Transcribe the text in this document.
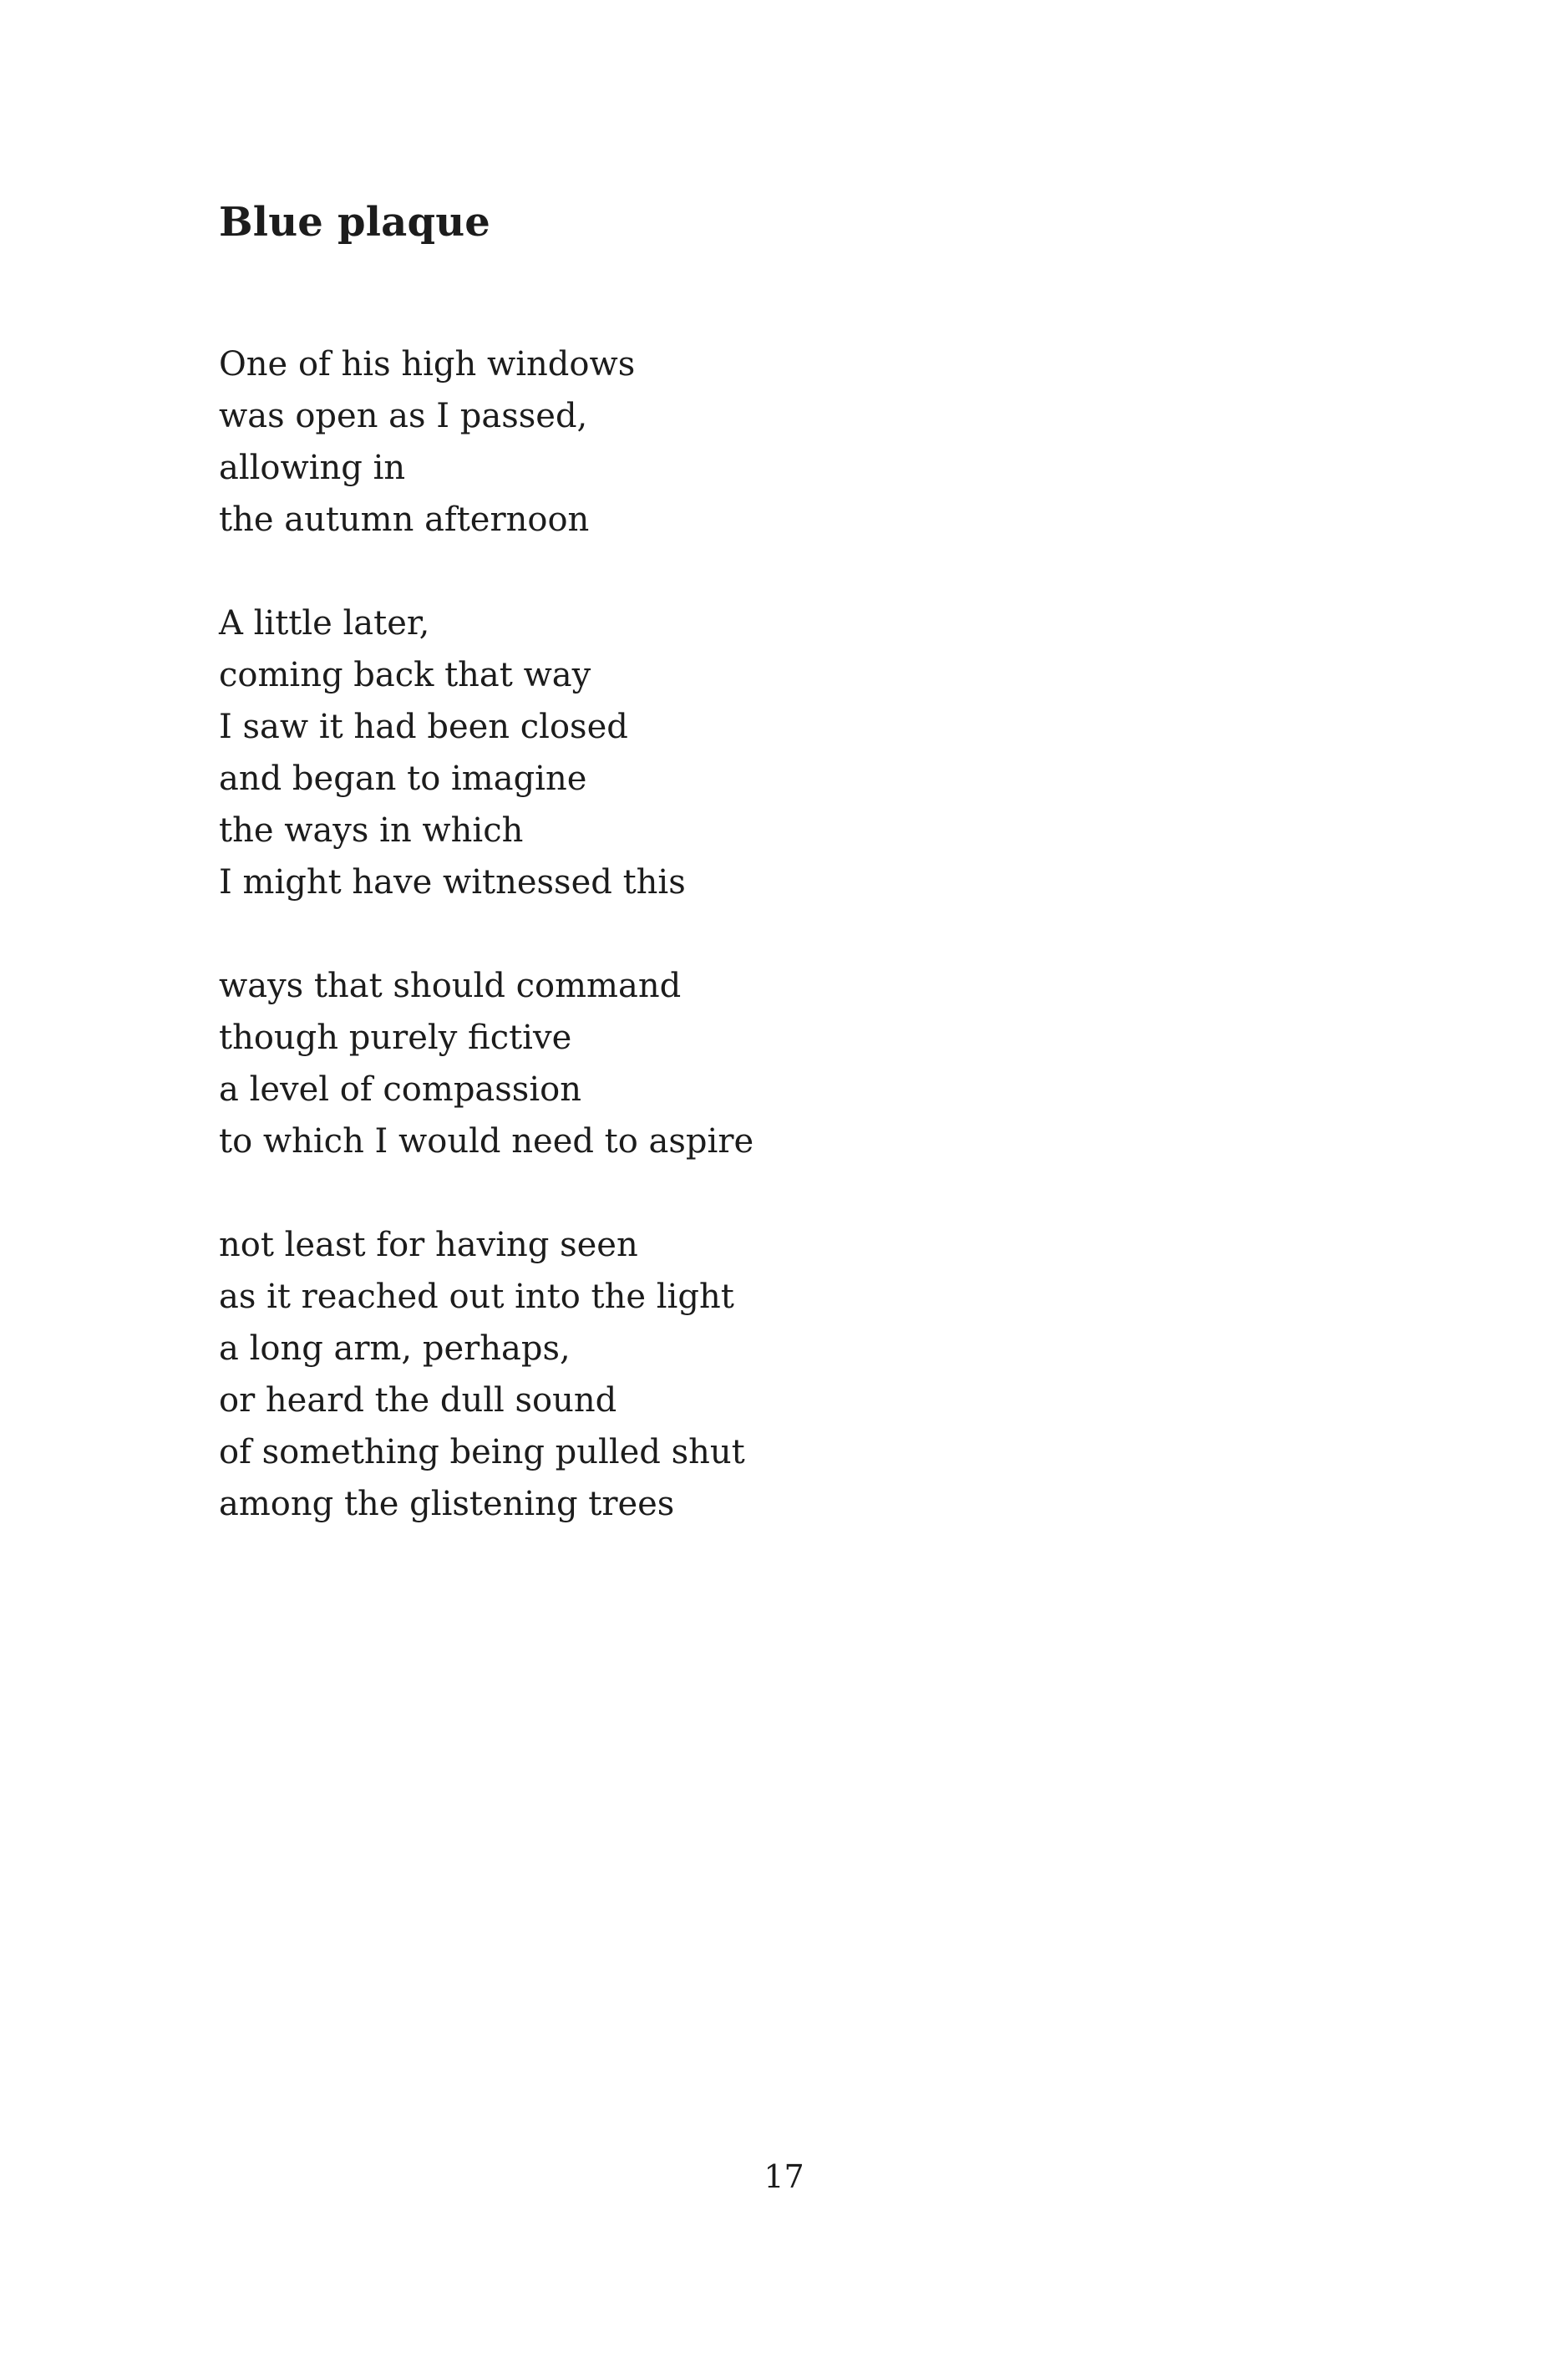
Blue plaque
One of his high windows
was open as I passed,
allowing in
the autumn afternoon
A little later,
coming back that way
I saw it had been closed
and began to imagine
the ways in which
I might have witnessed this
ways that should command
though purely fictive
a level of compassion
to which I would need to aspire
not least for having seen
as it reached out into the light
a long arm, perhaps,
or heard the dull sound
of something being pulled shut
among the glistening trees
17
